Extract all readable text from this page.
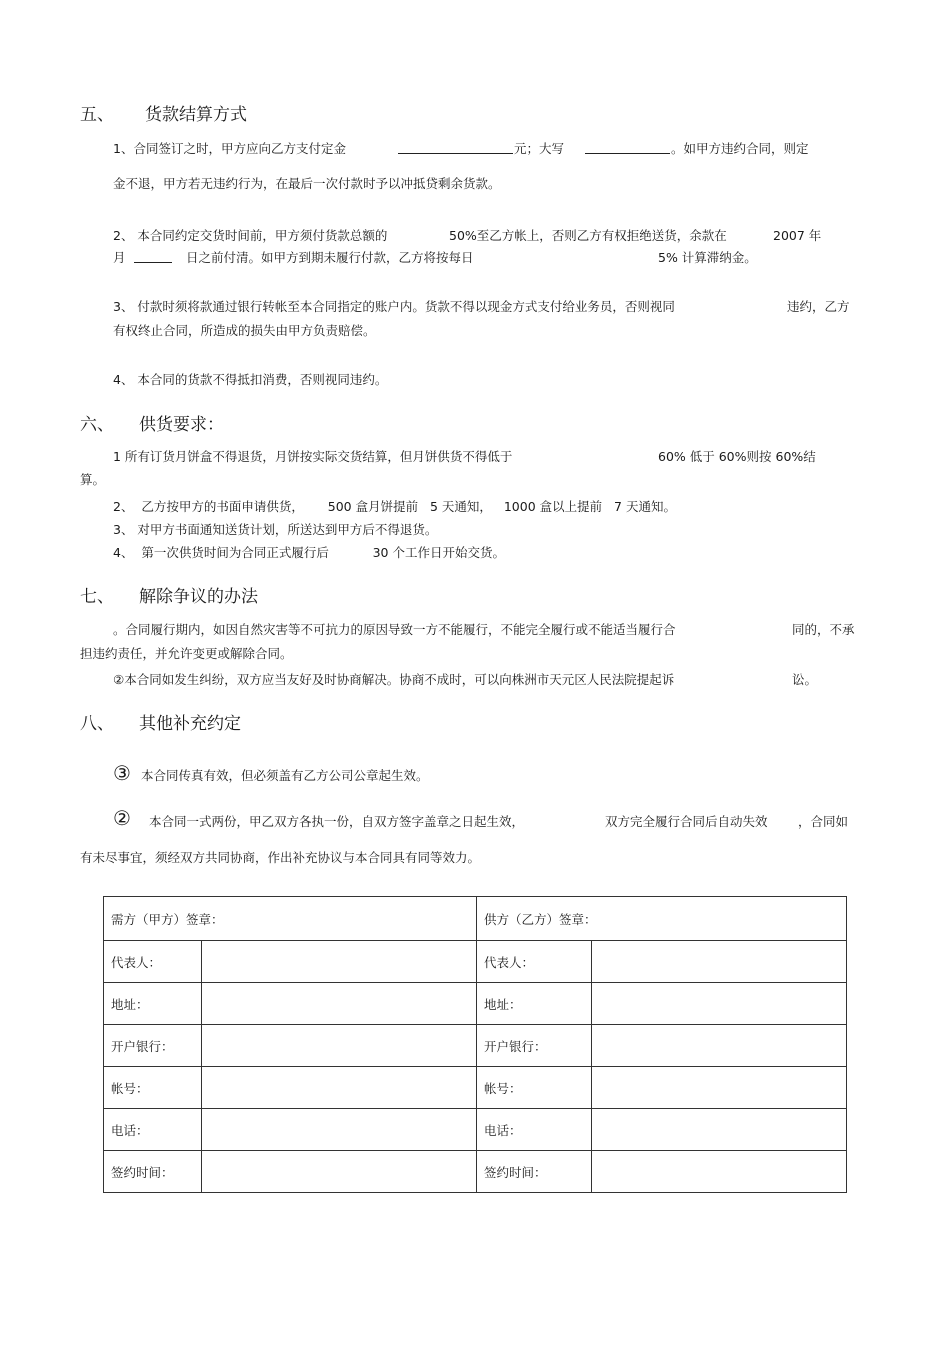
五、 货款结算方式
1、合同签订之时，甲方应向乙方支付定金	元；大写	。如甲方违约合同，则定
金不退，甲方若无违约行为，在最后一次付款时予以冲抵贷剩余货款。
2、 本合同约定交货时间前，甲方须付货款总额的	50%至乙方帐上，否则乙方有权拒绝送货，余款在	2007 年
月	日之前付清。如甲方到期未履行付款，乙方将按每日	5% 计算滞纳金。
3、 付款时须将款通过银行转帐至本合同指定的账户内。货款不得以现金方式支付给业务员，否则视同	违约，乙方
有权终止合同，所造成的损失由甲方负责赔偿。
4、 本合同的货款不得抵扣消费，否则视同违约。
六、 供货要求：
1 所有订货月饼盒不得退货，月饼按实际交货结算，但月饼供货不得低于	60% 低于 60%则按 60%结
算。
2、  乙方按甲方的书面申请供货，      500 盒月饼提前   5 天通知，   1000 盒以上提前   7 天通知。
3、 对甲方书面通知送货计划，所送达到甲方后不得退货。
4、  第一次供货时间为合同正式履行后           30 个工作日开始交货。
七、 解除争议的办法
。合同履行期内，如因自然灾害等不可抗力的原因导致一方不能履行，不能完全履行或不能适当履行合	同的，不承
担违约责任，并允许变更或解除合同。
②本合同如发生纠纷，双方应当友好及时协商解决。协商不成时，可以向株洲市天元区人民法院提起诉	讼。
八、 其他补充约定
③ 本合同传真有效，但必须盖有乙方公司公章起生效。
② 本合同一式两份，甲乙双方各执一份，自双方签字盖章之日起生效，	双方完全履行合同后自动失效 ，合同如
有未尽事宜，须经双方共同协商，作出补充协议与本合同具有同等效力。
需方（甲方）签章：		供方（乙方）签章：	
代表人：		代表人：	
地址：		地址：	
开户银行：		开户银行：	
帐号：		帐号：	
电话：		电话：	
签约时间：		签约时间：	
